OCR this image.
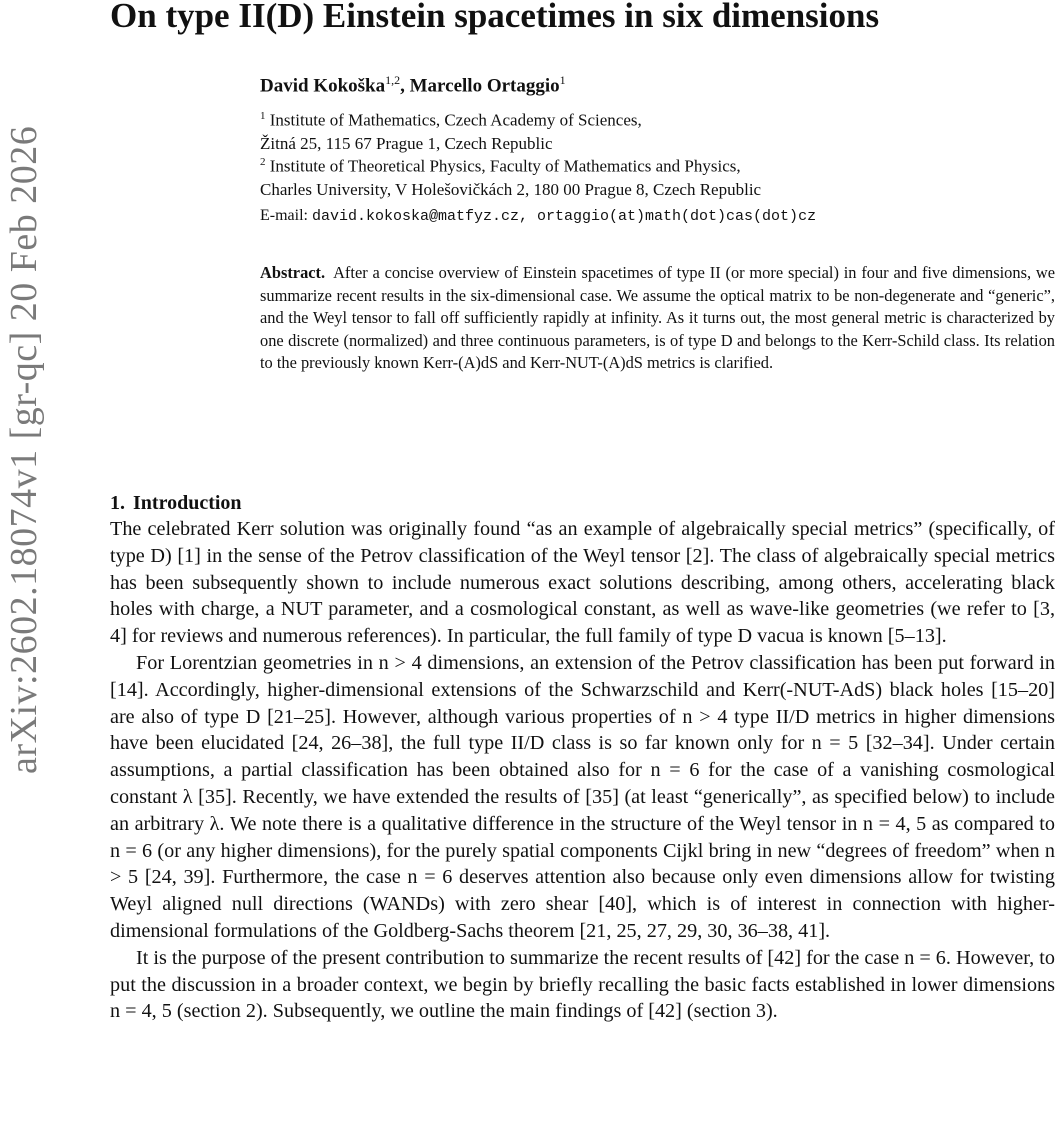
arXiv:2602.18074v1 [gr-qc] 20 Feb 2026
On type II(D) Einstein spacetimes in six dimensions
David Kokoška$^{1,2}$, Marcello Ortaggio$^1$
$^1$ Institute of Mathematics, Czech Academy of Sciences,
Žitná 25, 115 67 Prague 1, Czech Republic
$^2$ Institute of Theoretical Physics, Faculty of Mathematics and Physics,
Charles University, V Holešovičkách 2, 180 00 Prague 8, Czech Republic
E-mail: david.kokoska@matfyz.cz, ortaggio(at)math(dot)cas(dot)cz

Abstract. After a concise overview of Einstein spacetimes of type II (or more special) in four and five dimensions, we summarize recent results in the six-dimensional case. We assume the optical matrix to be non-degenerate and “generic”, and the Weyl tensor to fall off sufficiently rapidly at infinity. As it turns out, the most general metric is characterized by one discrete (normalized) and three continuous parameters, is of type D and belongs to the Kerr-Schild class. Its relation to the previously known Kerr-(A)dS and Kerr-NUT-(A)dS metrics is clarified.

1. Introduction

The celebrated Kerr solution was originally found “as an example of algebraically special metrics” (specifically, of type D) [1] in the sense of the Petrov classification of the Weyl tensor [2]. The class of algebraically special metrics has been subsequently shown to include numerous exact solutions describing, among others, accelerating black holes with charge, a NUT parameter, and a cosmological constant, as well as wave-like geometries (we refer to [3, 4] for reviews and numerous references). In particular, the full family of type D vacua is known [5–13].

For Lorentzian geometries in n > 4 dimensions, an extension of the Petrov classification has been put forward in [14]. Accordingly, higher-dimensional extensions of the Schwarzschild and Kerr(-NUT-AdS) black holes [15–20] are also of type D [21–25]. However, although various properties of n > 4 type II/D metrics in higher dimensions have been elucidated [24, 26–38], the full type II/D class is so far known only for n = 5 [32–34]. Under certain assumptions, a partial classification has been obtained also for n = 6 for the case of a vanishing cosmological constant λ [35]. Recently, we have extended the results of [35] (at least “generically”, as specified below) to include an arbitrary λ. We note there is a qualitative difference in the structure of the Weyl tensor in n = 4, 5 as compared to n = 6 (or any higher dimensions), for the purely spatial components Cijkl bring in new “degrees of freedom” when n > 5 [24, 39]. Furthermore, the case n = 6 deserves attention also because only even dimensions allow for twisting Weyl aligned null directions (WANDs) with zero shear [40], which is of interest in connection with higher-dimensional formulations of the Goldberg-Sachs theorem [21, 25, 27, 29, 30, 36–38, 41].

It is the purpose of the present contribution to summarize the recent results of [42] for the case n = 6. However, to put the discussion in a broader context, we begin by briefly recalling the basic facts established in lower dimensions n = 4, 5 (section 2). Subsequently, we outline the main findings of [42] (section 3).
